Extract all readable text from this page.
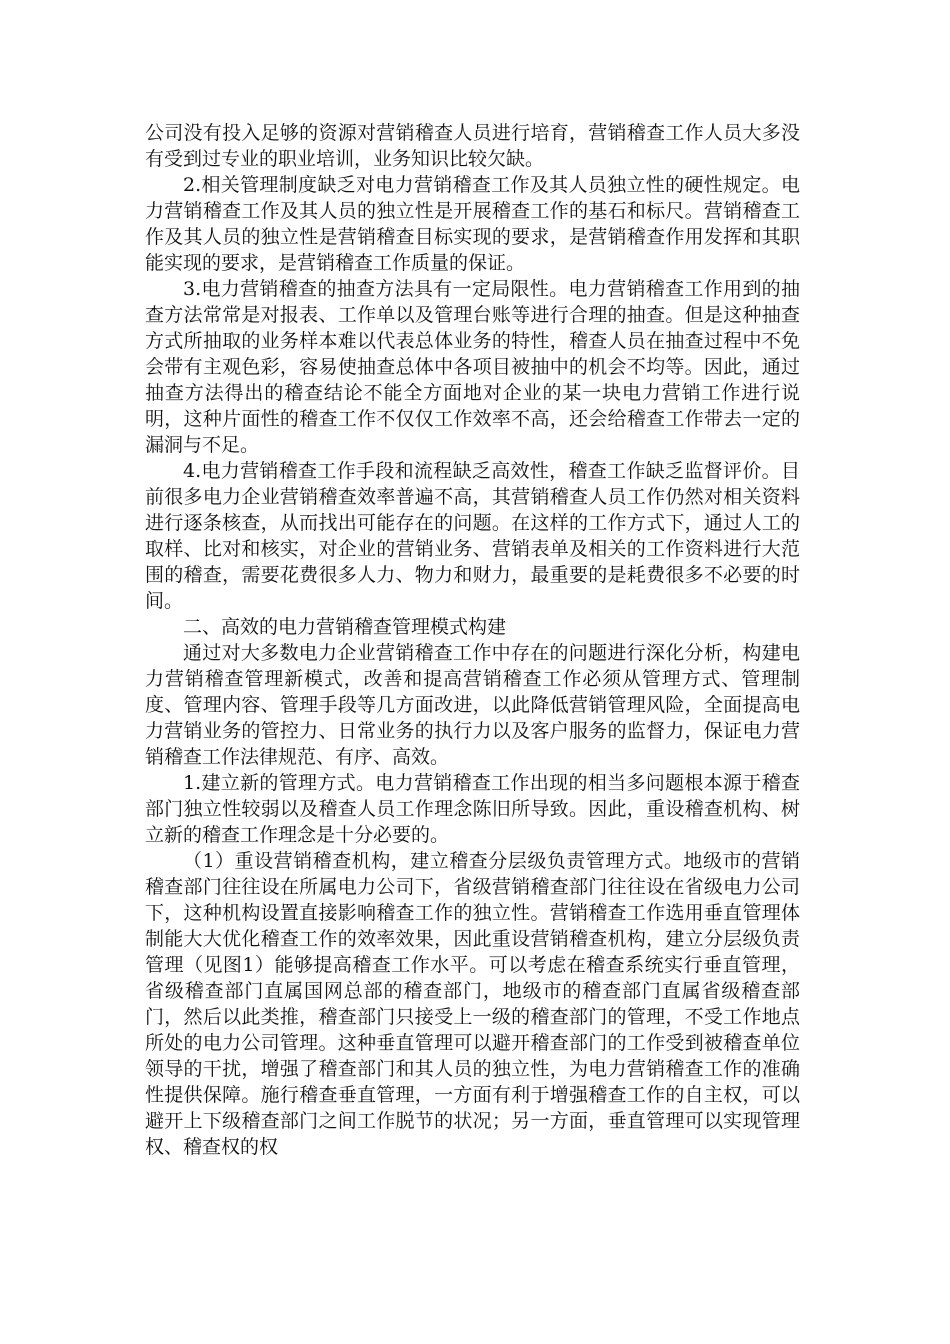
公司没有投入足够的资源对营销稽查人员进行培育，营销稽查工作人员大多没有受到过专业的职业培训，业务知识比较欠缺。

2.相关管理制度缺乏对电力营销稽查工作及其人员独立性的硬性规定。电力营销稽查工作及其人员的独立性是开展稽查工作的基石和标尺。营销稽查工作及其人员的独立性是营销稽查目标实现的要求，是营销稽查作用发挥和其职能实现的要求，是营销稽查工作质量的保证。

3.电力营销稽查的抽查方法具有一定局限性。电力营销稽查工作用到的抽查方法常常是对报表、工作单以及管理台账等进行合理的抽查。但是这种抽查方式所抽取的业务样本难以代表总体业务的特性，稽查人员在抽查过程中不免会带有主观色彩，容易使抽查总体中各项目被抽中的机会不均等。因此，通过抽查方法得出的稽查结论不能全方面地对企业的某一块电力营销工作进行说明，这种片面性的稽查工作不仅仅工作效率不高，还会给稽查工作带去一定的漏洞与不足。

4.电力营销稽查工作手段和流程缺乏高效性，稽查工作缺乏监督评价。目前很多电力企业营销稽查效率普遍不高，其营销稽查人员工作仍然对相关资料进行逐条核查，从而找出可能存在的问题。在这样的工作方式下，通过人工的取样、比对和核实，对企业的营销业务、营销表单及相关的工作资料进行大范围的稽查，需要花费很多人力、物力和财力，最重要的是耗费很多不必要的时间。

二、高效的电力营销稽查管理模式构建

通过对大多数电力企业营销稽查工作中存在的问题进行深化分析，构建电力营销稽查管理新模式，改善和提高营销稽查工作必须从管理方式、管理制度、管理内容、管理手段等几方面改进，以此降低营销管理风险，全面提高电力营销业务的管控力、日常业务的执行力以及客户服务的监督力，保证电力营销稽查工作法律规范、有序、高效。

1.建立新的管理方式。电力营销稽查工作出现的相当多问题根本源于稽查部门独立性较弱以及稽查人员工作理念陈旧所导致。因此，重设稽查机构、树立新的稽查工作理念是十分必要的。

（1）重设营销稽查机构，建立稽查分层级负责管理方式。地级市的营销稽查部门往往设在所属电力公司下，省级营销稽查部门往往设在省级电力公司下，这种机构设置直接影响稽查工作的独立性。营销稽查工作选用垂直管理体制能大大优化稽查工作的效率效果，因此重设营销稽查机构，建立分层级负责管理（见图1）能够提高稽查工作水平。可以考虑在稽查系统实行垂直管理，省级稽查部门直属国网总部的稽查部门，地级市的稽查部门直属省级稽查部门，然后以此类推，稽查部门只接受上一级的稽查部门的管理，不受工作地点所处的电力公司管理。这种垂直管理可以避开稽查部门的工作受到被稽查单位领导的干扰，增强了稽查部门和其人员的独立性，为电力营销稽查工作的准确性提供保障。施行稽查垂直管理，一方面有利于增强稽查工作的自主权，可以避开上下级稽查部门之间工作脱节的状况；另一方面，垂直管理可以实现管理权、稽查权的权
